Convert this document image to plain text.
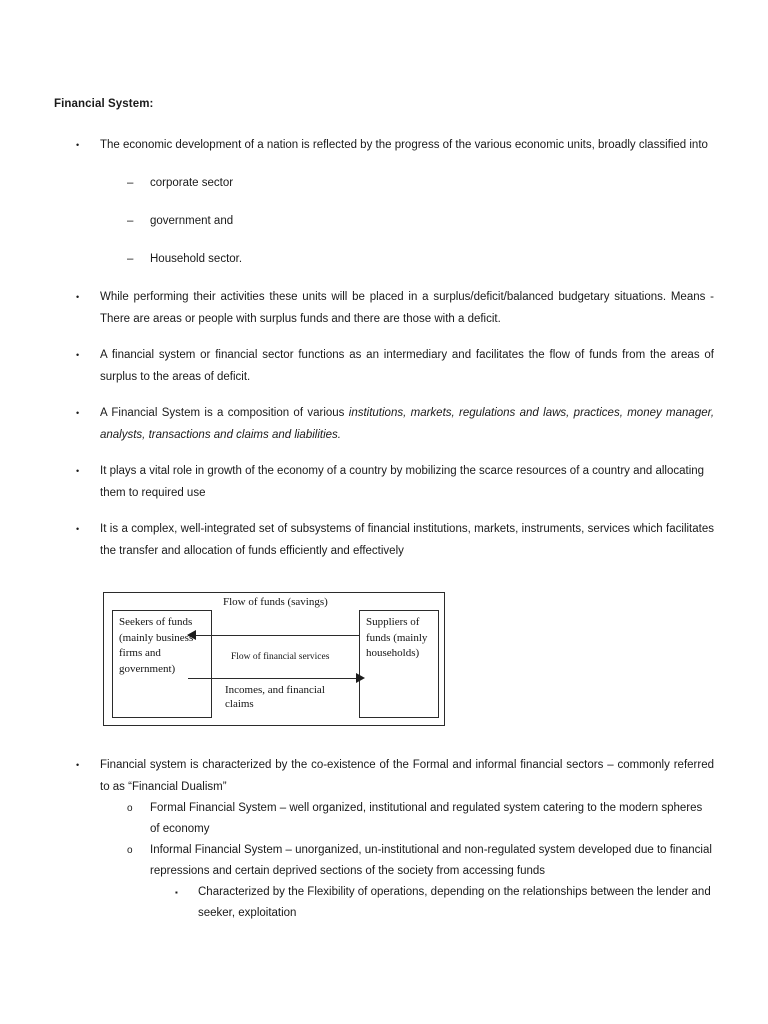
Financial System:

• The economic development of a nation is reflected by the progress of the various economic units, broadly classified into
– corporate sector
– government and
– Household sector.
• While performing their activities these units will be placed in a surplus/deficit/balanced budgetary situations. Means - There are areas or people with surplus funds and there are those with a deficit.
• A financial system or financial sector functions as an intermediary and facilitates the flow of funds from the areas of surplus to the areas of deficit.
• A Financial System is a composition of various institutions, markets, regulations and laws, practices, money manager, analysts, transactions and claims and liabilities.
• It plays a vital role in growth of the economy of a country by mobilizing the scarce resources of a country and allocating them to required use
• It is a complex, well-integrated set of subsystems of financial institutions, markets, instruments, services which facilitates the transfer and allocation of funds efficiently and effectively
Seekers of funds (mainly business firms and government)
Suppliers of funds (mainly households)
Flow of funds (savings)
Flow of financial services
Incomes, and financial claims
• Financial system is characterized by the co-existence of the Formal and informal financial sectors – commonly referred to as “Financial Dualism”
o Formal Financial System – well organized, institutional and regulated system catering to the modern spheres of economy
o Informal Financial System – unorganized, un-institutional and non-regulated system developed due to financial repressions and certain deprived sections of the society from accessing funds
▪ Characterized by the Flexibility of operations, depending on the relationships between the lender and seeker, exploitation
